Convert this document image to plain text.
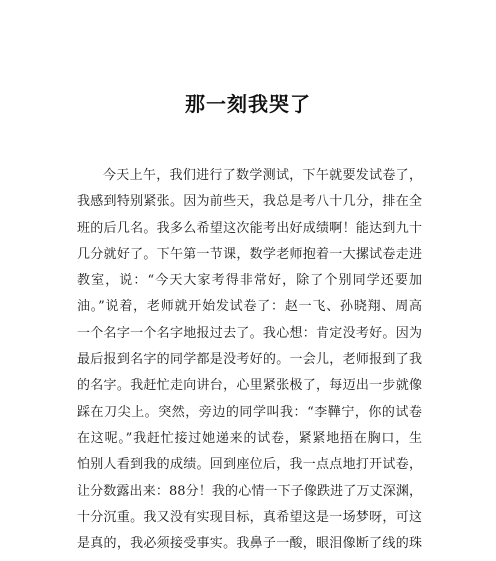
那一刻我哭了
今天上午，我们进行了数学测试，下午就要发试卷了，
我感到特别紧张。因为前些天，我总是考八十几分，排在全
班的后几名。我多么希望这次能考出好成绩啊！能达到九十
几分就好了。下午第一节课，数学老师抱着一大摞试卷走进
教室，说：“今天大家考得非常好，除了个别同学还要加
油。”说着，老师就开始发试卷了：赵一飞、孙晓翔、周高
一个名字一个名字地报过去了。我心想：肯定没考好。因为
最后报到名字的同学都是没考好的。一会儿，老师报到了我
的名字。我赶忙走向讲台，心里紧张极了，每迈出一步就像
踩在刀尖上。突然，旁边的同学叫我：“李鞾宁，你的试卷
在这呢。”我赶忙接过她递来的试卷，紧紧地捂在胸口，生
怕别人看到我的成绩。回到座位后，我一点点地打开试卷，
让分数露出来：88分！我的心情一下子像跌进了万丈深渊，
十分沉重。我又没有实现目标，真希望这是一场梦呀，可这
是真的，我必须接受事实。我鼻子一酸，眼泪像断了线的珠
